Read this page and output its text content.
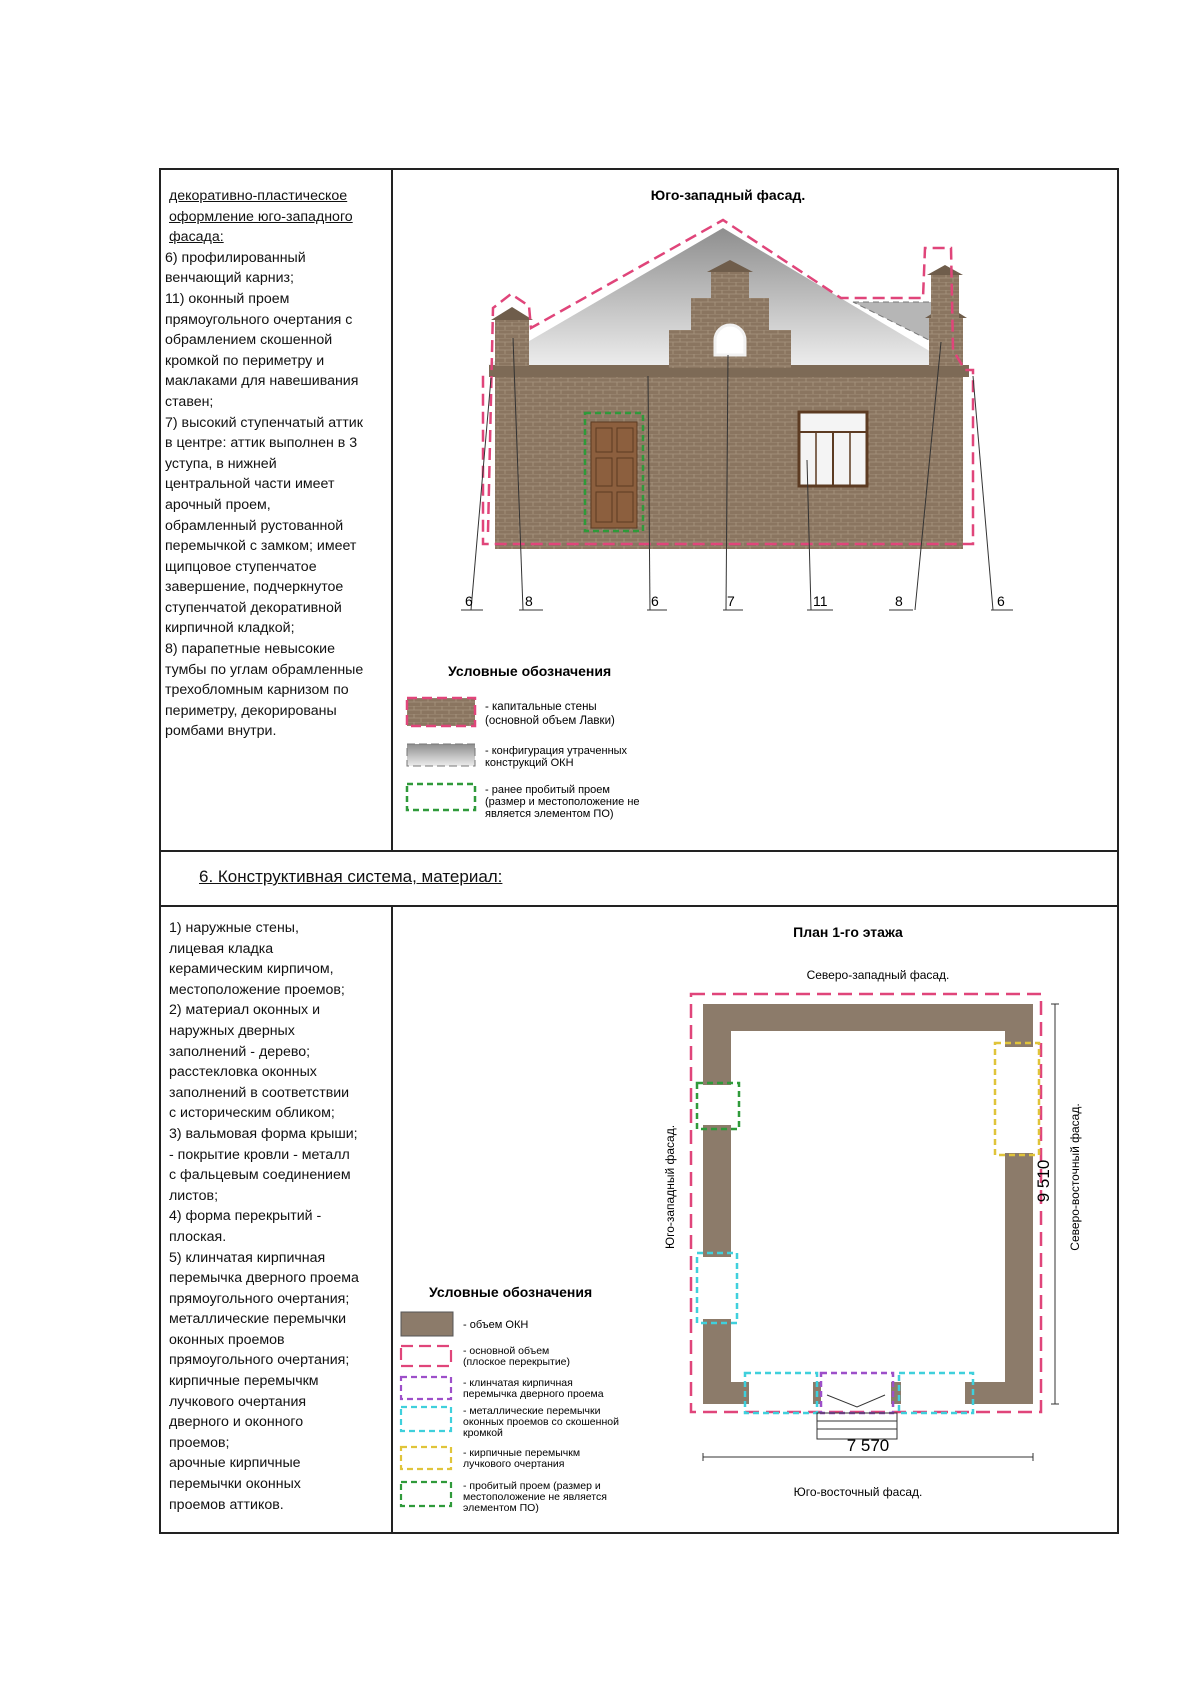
декоративно-пластическое оформление юго-западного фасада:

6) профилированный

венчающий карниз;

11) оконный проем

прямоугольного очертания с

обрамлением скошенной

кромкой по периметру и

маклаками для навешивания

ставен;

7) высокий ступенчатый аттик

в центре: аттик выполнен в 3

уступа, в нижней

центральной части имеет

арочный проем,

обрамленный рустованной

перемычкой с замком; имеет

щипцовое ступенчатое

завершение, подчеркнутое

ступенчатой декоративной

кирпичной кладкой;

8) парапетные невысокие

тумбы по углам обрамленные

трехобломным карнизом по

периметру, декорированы

ромбами внутри.

Юго-западный фасад.
6	8	6	7	11	8	6
Условные обозначения
- капитальные стены
(основной объем Лавки)
- конфигурация утраченных
конструкций ОКН
- ранее пробитый проем
(размер и местоположение не
является элементом ПО)
6. Конструктивная система, материал:

1) наружные стены,

лицевая кладка

керамическим кирпичом,

местоположение проемов;

2) материал оконных и

наружных дверных

заполнений - дерево;

расстекловка оконных

заполнений в соответствии

с историческим обликом;

3) вальмовая форма крыши;

- покрытие кровли - металл

с фальцевым соединением

листов;

4) форма перекрытий -

плоская.

5) клинчатая кирпичная

перемычка дверного проема

прямоугольного очертания;

металлические перемычки

оконных проемов

прямоугольного очертания;

кирпичные перемычкм

лучкового очертания

дверного и оконного

проемов;

арочные кирпичные

перемычки оконных

проемов аттиков.

План 1-го этажа
Северо-западный фасад.
Юго-восточный фасад.
Юго-западный фасад.	Северо-восточный фасад.
7 570
9 510
Условные обозначения
- объем ОКН
- основной объем
(плоское перекрытие)
- клинчатая кирпичная
перемычка дверного проема
- металлические перемычки
оконных проемов со скошенной
кромкой
- кирпичные перемычкм
лучкового очертания
- пробитый проем (размер и
местоположение не является
элементом ПО)
